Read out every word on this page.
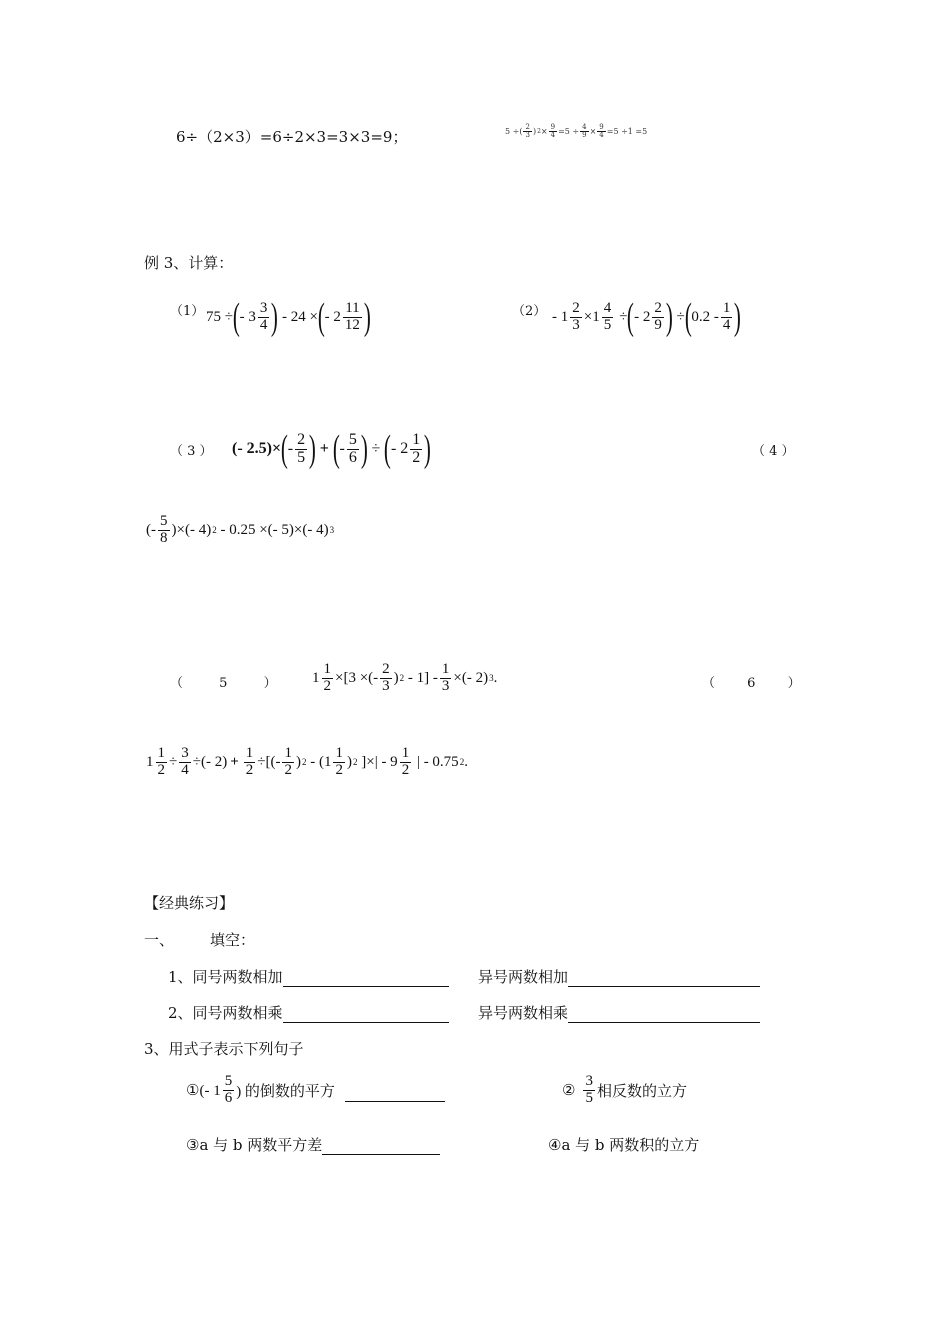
6÷（2×3）=6÷2×3=3×3=9；	5 ÷( $\frac{2}{3}$ ) $2 \times \frac{9}{4} =5 \div \frac{4}{9} \times \frac{9}{4} =5 \div 1 =5$
例 3、计算：
（1） 75 ÷ ( - $3 \frac{3}{4}$ ) - 24 × ( - $2 \frac{11}{12}$ )	$(2) - 1 \frac{2}{3} \times 1 \frac{4}{5}$ ÷ ( - $2 \frac{2}{9}$ ) ÷ ( $0.2 - \frac{1}{4}$ )
（ 3 ） (- 2.5)× ( - $\frac{2}{5}$ ) + ( - $\frac{5}{6}$ ) ÷ ( - $2 \frac{1}{2}$ )	（ 4 ）
(- $\frac{5}{8}$ )×(- 4) 2 - 0.25 ×(- 5)×(- 4) 3
（	5	） $1 \frac{1}{2} \times[3$ ×(- $\frac{2}{3}$ ) $2 - 1] - \frac{1}{3}$ ×(- 2) 3 .	（ 6 ）
$1 \frac{1}{2} \div \frac{3}{4}$ ÷(- $2) + \frac{1}{2}$ ÷[(- $\frac{1}{2}$ ) $2 - (1 \frac{1}{2}$ ) 2 ]×| - $9 \frac{1}{2}$ | - 0.75 2 .
【经典练习】
一、 填空：
1、同号两数相加	异号两数相加
2、同号两数相乘	异号两数相乘
3、用式子表示下列句子
①(- $1 \frac{5}{6}$ ) 的倒数的平方	② $\frac{3}{5}$ 相反数的立方
③a 与 b 两数平方差	④a 与 b 两数积的立方
